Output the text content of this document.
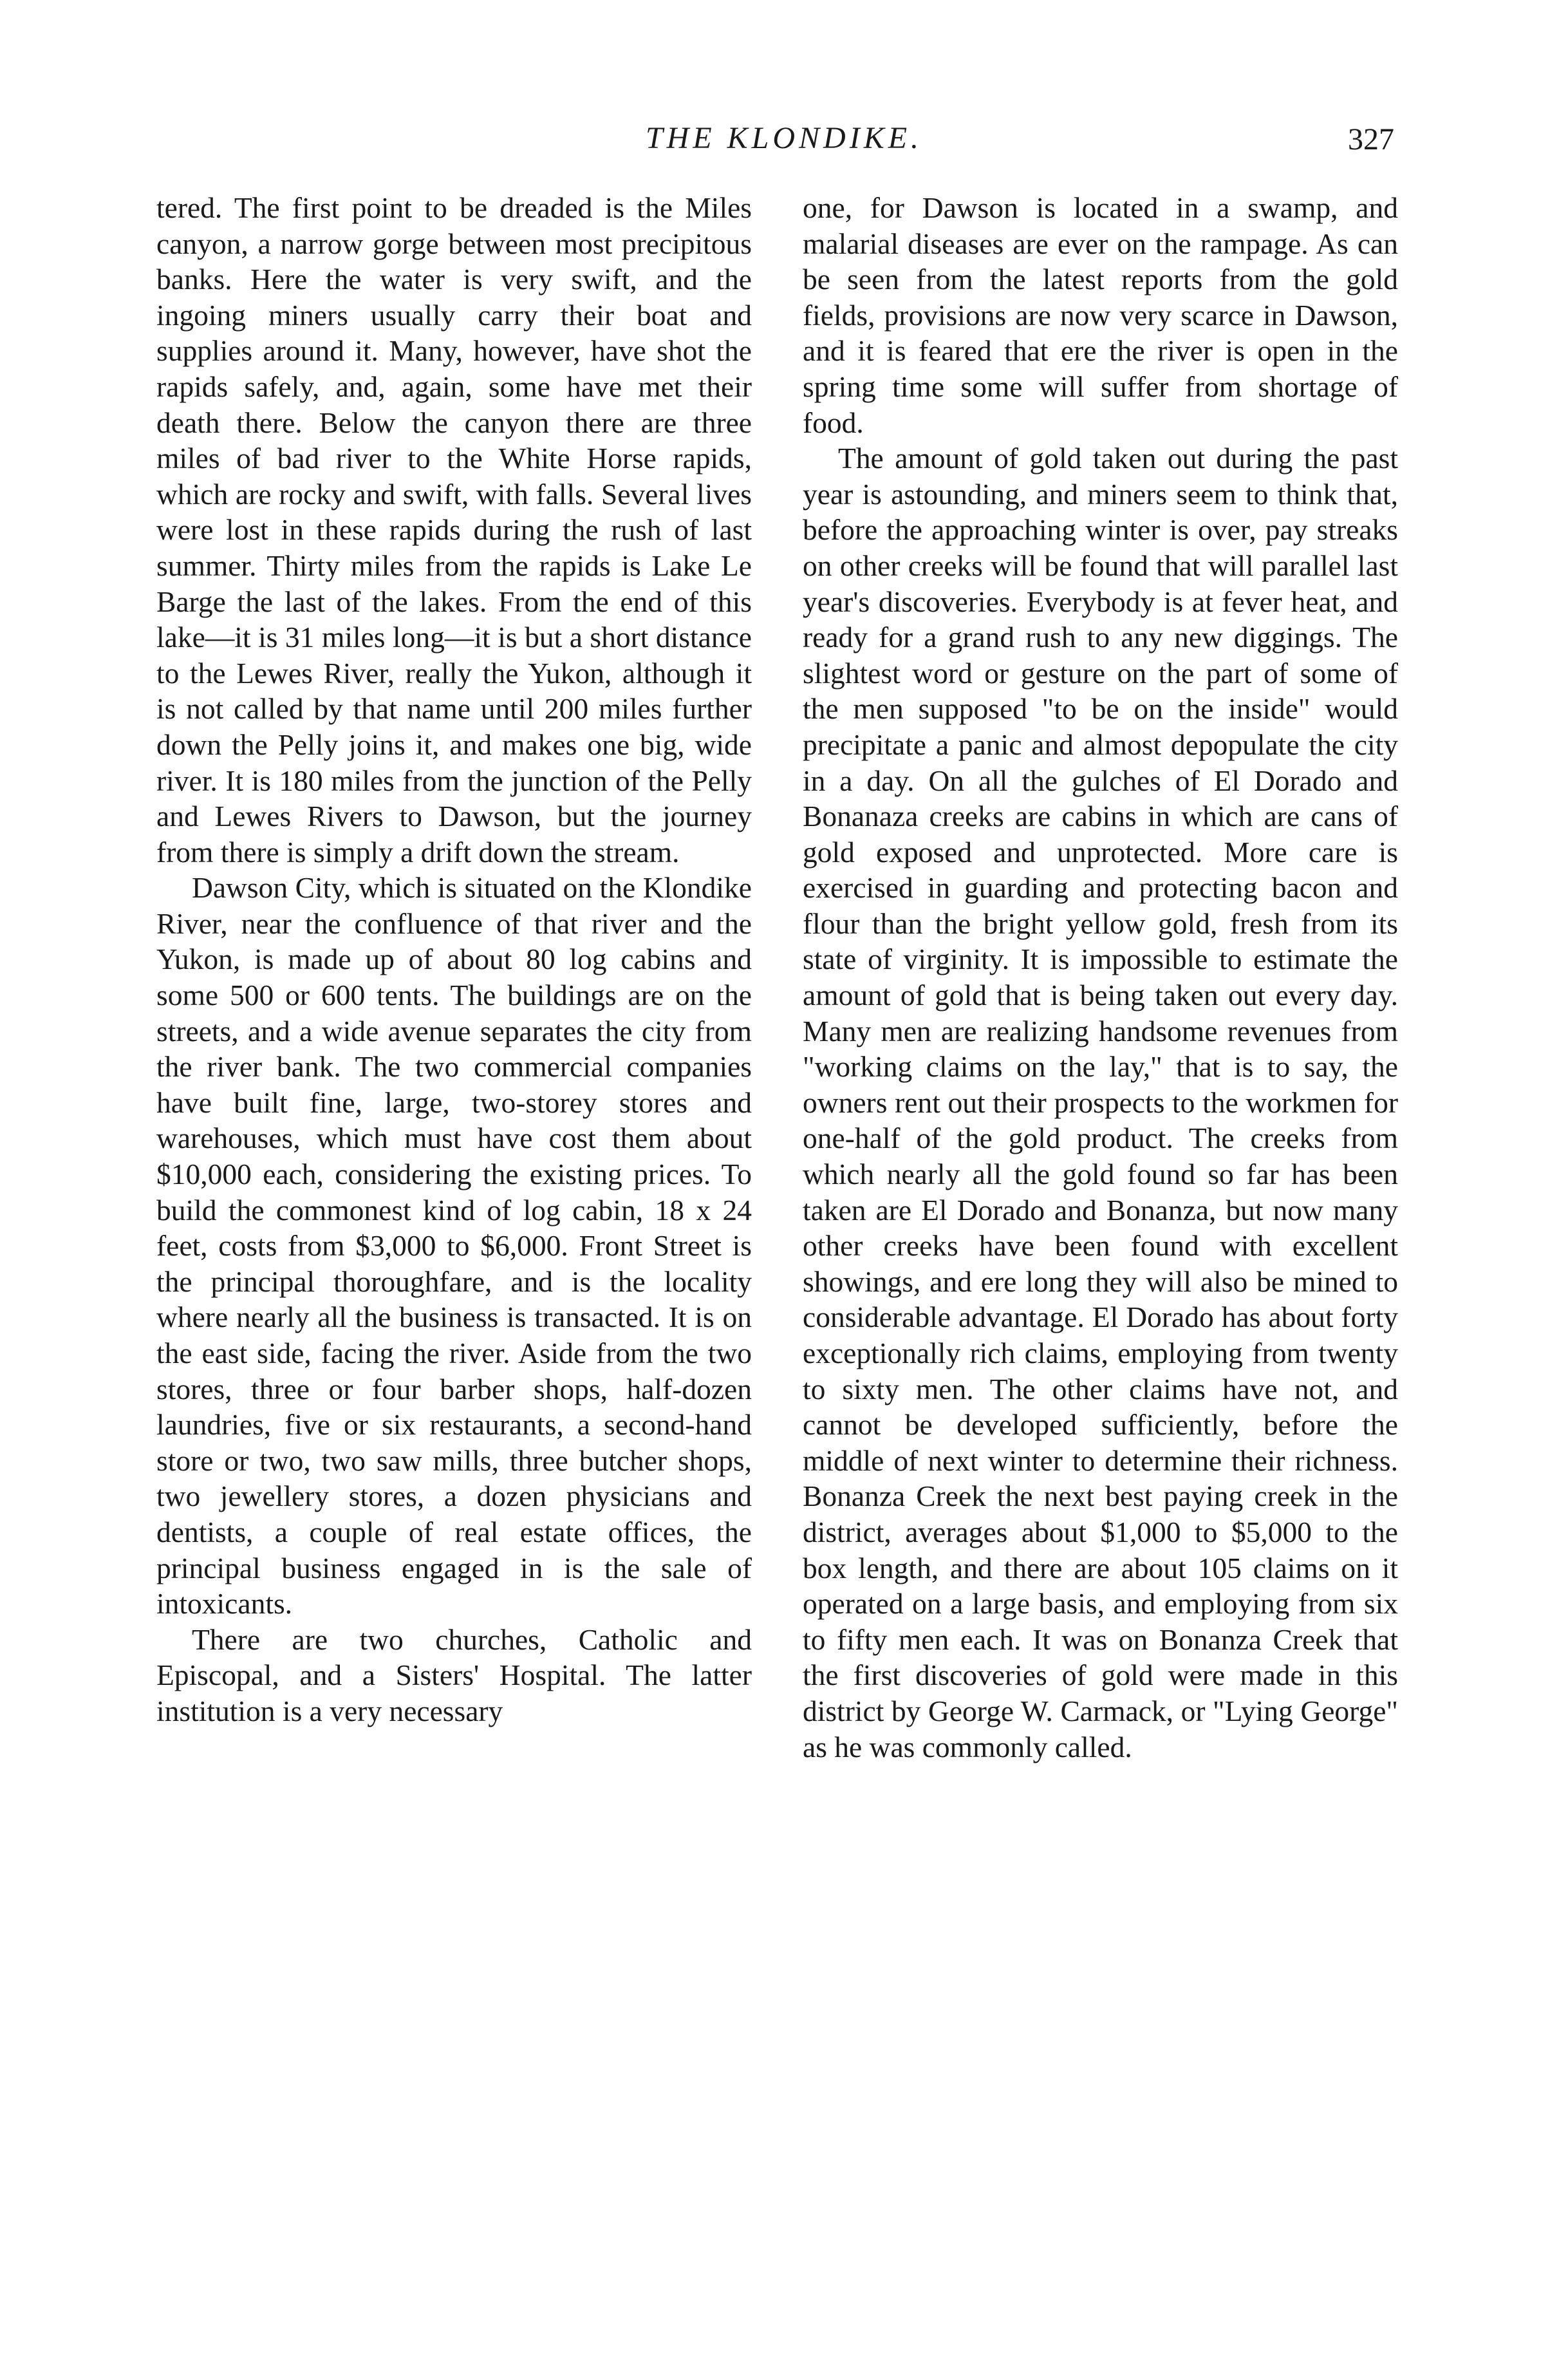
THE KLONDIKE.	327

tered. The first point to be dreaded is the Miles canyon, a narrow gorge between most precipitous banks. Here the water is very swift, and the ingoing miners usually carry their boat and supplies around it. Many, however, have shot the rapids safely, and, again, some have met their death there. Below the canyon there are three miles of bad river to the White Horse rapids, which are rocky and swift, with falls. Several lives were lost in these rapids during the rush of last summer. Thirty miles from the rapids is Lake Le Barge the last of the lakes. From the end of this lake—it is 31 miles long—it is but a short distance to the Lewes River, really the Yukon, although it is not called by that name until 200 miles further down the Pelly joins it, and makes one big, wide river. It is 180 miles from the junction of the Pelly and Lewes Rivers to Dawson, but the journey from there is simply a drift down the stream.

Dawson City, which is situated on the Klondike River, near the confluence of that river and the Yukon, is made up of about 80 log cabins and some 500 or 600 tents. The buildings are on the streets, and a wide avenue separates the city from the river bank. The two commercial companies have built fine, large, two-storey stores and warehouses, which must have cost them about $10,000 each, considering the existing prices. To build the commonest kind of log cabin, 18 x 24 feet, costs from $3,000 to $6,000. Front Street is the principal thoroughfare, and is the locality where nearly all the business is transacted. It is on the east side, facing the river. Aside from the two stores, three or four barber shops, half-dozen laundries, five or six restaurants, a second-hand store or two, two saw mills, three butcher shops, two jewellery stores, a dozen physicians and dentists, a couple of real estate offices, the principal business engaged in is the sale of intoxicants.

There are two churches, Catholic and Episcopal, and a Sisters' Hospital. The latter institution is a very necessary

one, for Dawson is located in a swamp, and malarial diseases are ever on the rampage. As can be seen from the latest reports from the gold fields, provisions are now very scarce in Dawson, and it is feared that ere the river is open in the spring time some will suffer from shortage of food.

The amount of gold taken out during the past year is astounding, and miners seem to think that, before the approaching winter is over, pay streaks on other creeks will be found that will parallel last year's discoveries. Everybody is at fever heat, and ready for a grand rush to any new diggings. The slightest word or gesture on the part of some of the men supposed "to be on the inside" would precipitate a panic and almost depopulate the city in a day. On all the gulches of El Dorado and Bonanaza creeks are cabins in which are cans of gold exposed and unprotected. More care is exercised in guarding and protecting bacon and flour than the bright yellow gold, fresh from its state of virginity. It is impossible to estimate the amount of gold that is being taken out every day. Many men are realizing handsome revenues from "working claims on the lay," that is to say, the owners rent out their prospects to the workmen for one-half of the gold product. The creeks from which nearly all the gold found so far has been taken are El Dorado and Bonanza, but now many other creeks have been found with excellent showings, and ere long they will also be mined to considerable advantage. El Dorado has about forty exceptionally rich claims, employing from twenty to sixty men. The other claims have not, and cannot be developed sufficiently, before the middle of next winter to determine their richness. Bonanza Creek the next best paying creek in the district, averages about $1,000 to $5,000 to the box length, and there are about 105 claims on it operated on a large basis, and employing from six to fifty men each. It was on Bonanza Creek that the first discoveries of gold were made in this district by George W. Carmack, or "Lying George" as he was commonly called.
